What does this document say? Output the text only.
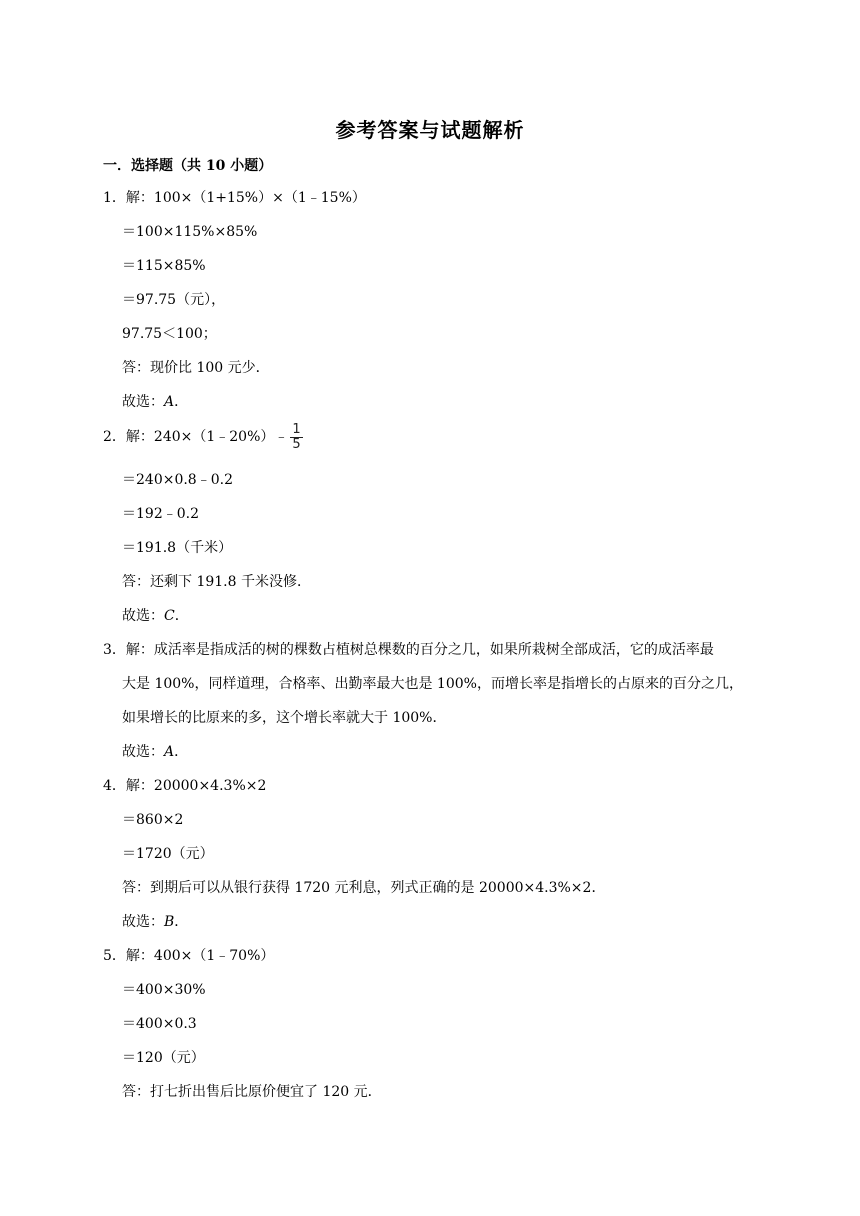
参考答案与试题解析
一．选择题（共 10 小题）
1．解：100×（1+15%）×（1﹣15%）
＝100×115%×85%
＝115×85%
＝97.75（元），
97.75＜100；
答：现价比 100 元少．
故选：A．
2．解：240×（1﹣20%）﹣ $\frac{1}{5}$
＝240×0.8﹣0.2
＝192﹣0.2
＝191.8（千米）
答：还剩下 191.8 千米没修．
故选：C．
3．解：成活率是指成活的树的棵数占植树总棵数的百分之几，如果所栽树全部成活，它的成活率最
大是 100%，同样道理，合格率、出勤率最大也是 100%，而增长率是指增长的占原来的百分之几，
如果增长的比原来的多，这个增长率就大于 100%．
故选：A．
4．解：20000×4.3%×2
＝860×2
＝1720（元）
答：到期后可以从银行获得 1720 元利息，列式正确的是 20000×4.3%×2．
故选：B．
5．解：400×（1﹣70%）
＝400×30%
＝400×0.3
＝120（元）
答：打七折出售后比原价便宜了 120 元．
